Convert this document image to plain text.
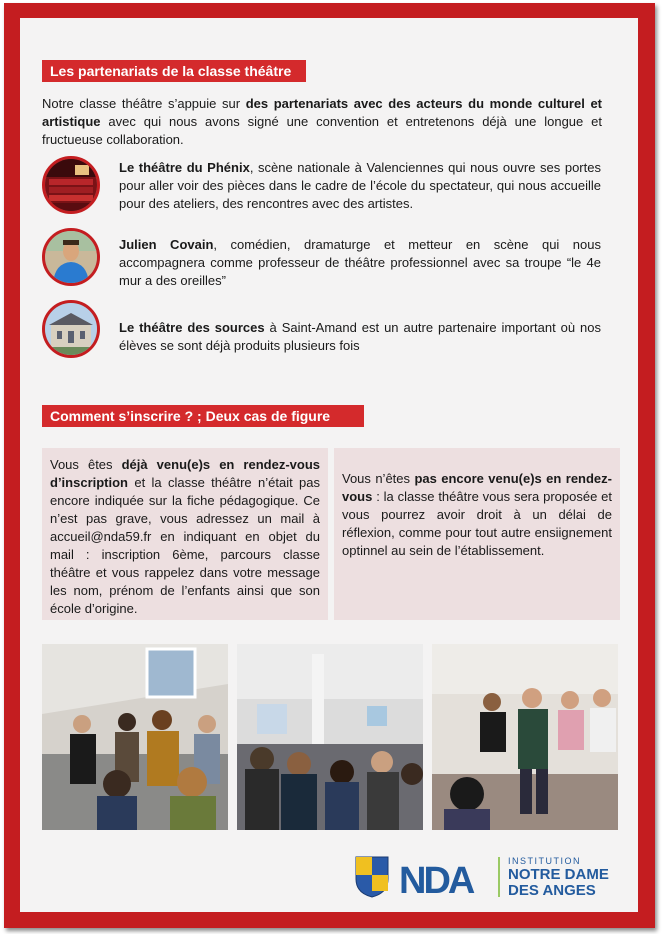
Les partenariats de la classe théâtre
Notre classe théâtre s’appuie sur des partenariats avec des acteurs du monde culturel et artistique avec qui nous avons signé une convention et entretenons déjà une longue et fructueuse collaboration.
Le théâtre du Phénix, scène nationale à Valenciennes qui nous ouvre ses portes pour aller voir des pièces dans le cadre de l’école du spectateur, qui nous accueille pour des ateliers, des rencontres avec des artistes.
Julien Covain, comédien, dramaturge et metteur en scène qui nous accompagnera comme professeur de théâtre professionnel avec sa troupe “le 4e mur a des oreilles”
Le théâtre des sources à Saint-Amand est un autre partenaire important où nos élèves se sont déjà produits plusieurs fois
Comment s’inscrire ? ; Deux cas de figure
Vous êtes déjà venu(e)s en rendez-vous d’inscription et la classe théâtre n’était pas encore indiquée sur la fiche pédagogique. Ce n’est pas grave, vous adressez un mail à accueil@nda59.fr en indiquant en objet du mail : inscription 6ème, parcours classe théâtre et vous rappelez dans votre message les nom, prénom de l’enfants ainsi que son école d’origine.
Vous n’êtes pas encore venu(e)s en rendez-vous : la classe théâtre vous sera proposée et vous pourrez avoir droit à un délai de réflexion, comme pour tout autre ensiignement optinnel au sein de l’établissement.
NDA	INSTITUTION
NOTRE DAME
DES ANGES
